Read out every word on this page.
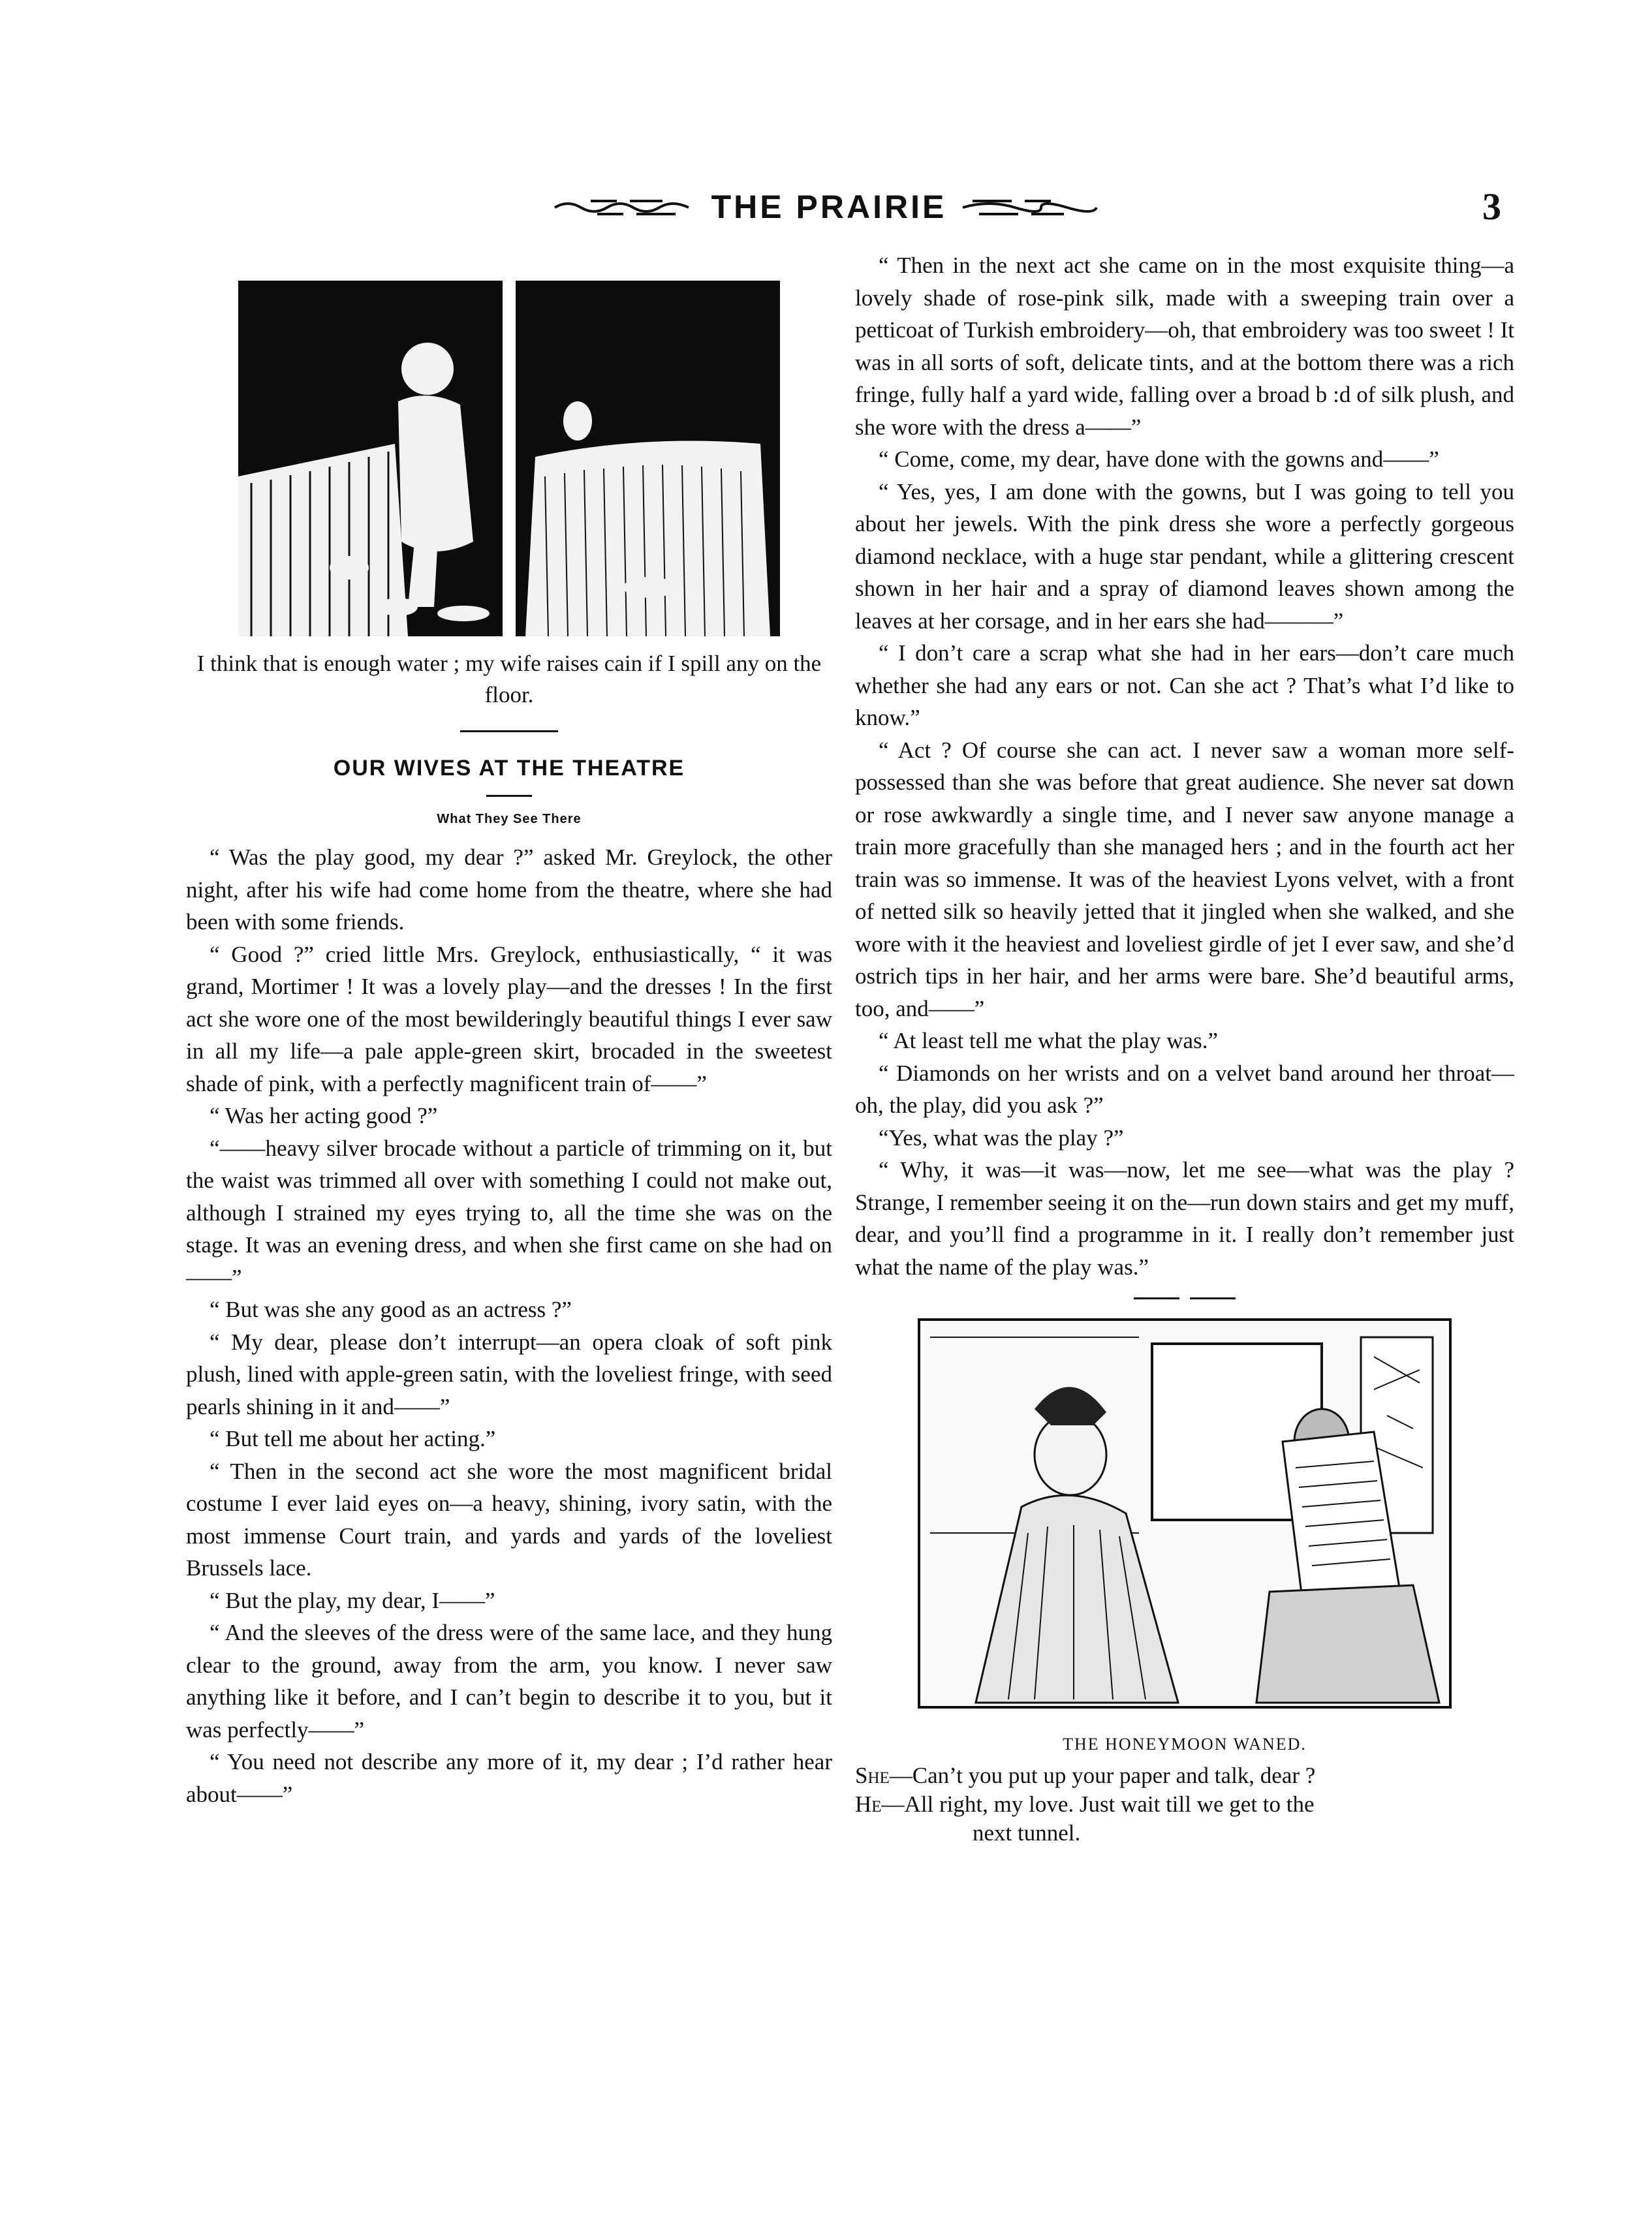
THE PRAIRIE	3

I think that is enough water ; my wife raises cain if I spill any on the floor.

OUR WIVES AT THE THEATRE

What They See There

“ Was the play good, my dear ?” asked Mr. Greylock, the other night, after his wife had come home from the theatre, where she had been with some friends.

“ Good ?” cried little Mrs. Greylock, enthusiastically, “ it was grand, Mortimer ! It was a lovely play—and the dresses ! In the first act she wore one of the most bewilderingly beautiful things I ever saw in all my life—a pale apple-green skirt, brocaded in the sweetest shade of pink, with a perfectly magnificent train of——”

“ Was her acting good ?”

“——heavy silver brocade without a particle of trimming on it, but the waist was trimmed all over with something I could not make out, although I strained my eyes trying to, all the time she was on the stage. It was an evening dress, and when she first came on she had on——”

“ But was she any good as an actress ?”

“ My dear, please don’t interrupt—an opera cloak of soft pink plush, lined with apple-green satin, with the loveliest fringe, with seed pearls shining in it and——”

“ But tell me about her acting.”

“ Then in the second act she wore the most magnificent bridal costume I ever laid eyes on—a heavy, shining, ivory satin, with the most immense Court train, and yards and yards of the loveliest Brussels lace.

“ But the play, my dear, I——”

“ And the sleeves of the dress were of the same lace, and they hung clear to the ground, away from the arm, you know. I never saw anything like it before, and I can’t begin to describe it to you, but it was perfectly——”

“ You need not describe any more of it, my dear ; I’d rather hear about——”

“ Then in the next act she came on in the most exquisite thing—a lovely shade of rose-pink silk, made with a sweeping train over a petticoat of Turkish embroidery—oh, that embroidery was too sweet ! It was in all sorts of soft, delicate tints, and at the bottom there was a rich fringe, fully half a yard wide, falling over a broad b :d of silk plush, and she wore with the dress a——”

“ Come, come, my dear, have done with the gowns and——”

“ Yes, yes, I am done with the gowns, but I was going to tell you about her jewels. With the pink dress she wore a perfectly gorgeous diamond necklace, with a huge star pendant, while a glittering crescent shown in her hair and a spray of diamond leaves shown among the leaves at her corsage, and in her ears she had———”

“ I don’t care a scrap what she had in her ears—don’t care much whether she had any ears or not. Can she act ? That’s what I’d like to know.”

“ Act ? Of course she can act. I never saw a woman more self-possessed than she was before that great audience. She never sat down or rose awkwardly a single time, and I never saw anyone manage a train more gracefully than she managed hers ; and in the fourth act her train was so immense. It was of the heaviest Lyons velvet, with a front of netted silk so heavily jetted that it jingled when she walked, and she wore with it the heaviest and loveliest girdle of jet I ever saw, and she’d ostrich tips in her hair, and her arms were bare. She’d beautiful arms, too, and——”

“ At least tell me what the play was.”

“ Diamonds on her wrists and on a velvet band around her throat—oh, the play, did you ask ?”

“Yes, what was the play ?”

“ Why, it was—it was—now, let me see—what was the play ? Strange, I remember seeing it on the—run down stairs and get my muff, dear, and you’ll find a programme in it. I really don’t remember just what the name of the play was.”

THE HONEYMOON WANED.

She—Can’t you put up your paper and talk, dear ?

He—All right, my love. Just wait till we get to the

next tunnel.
